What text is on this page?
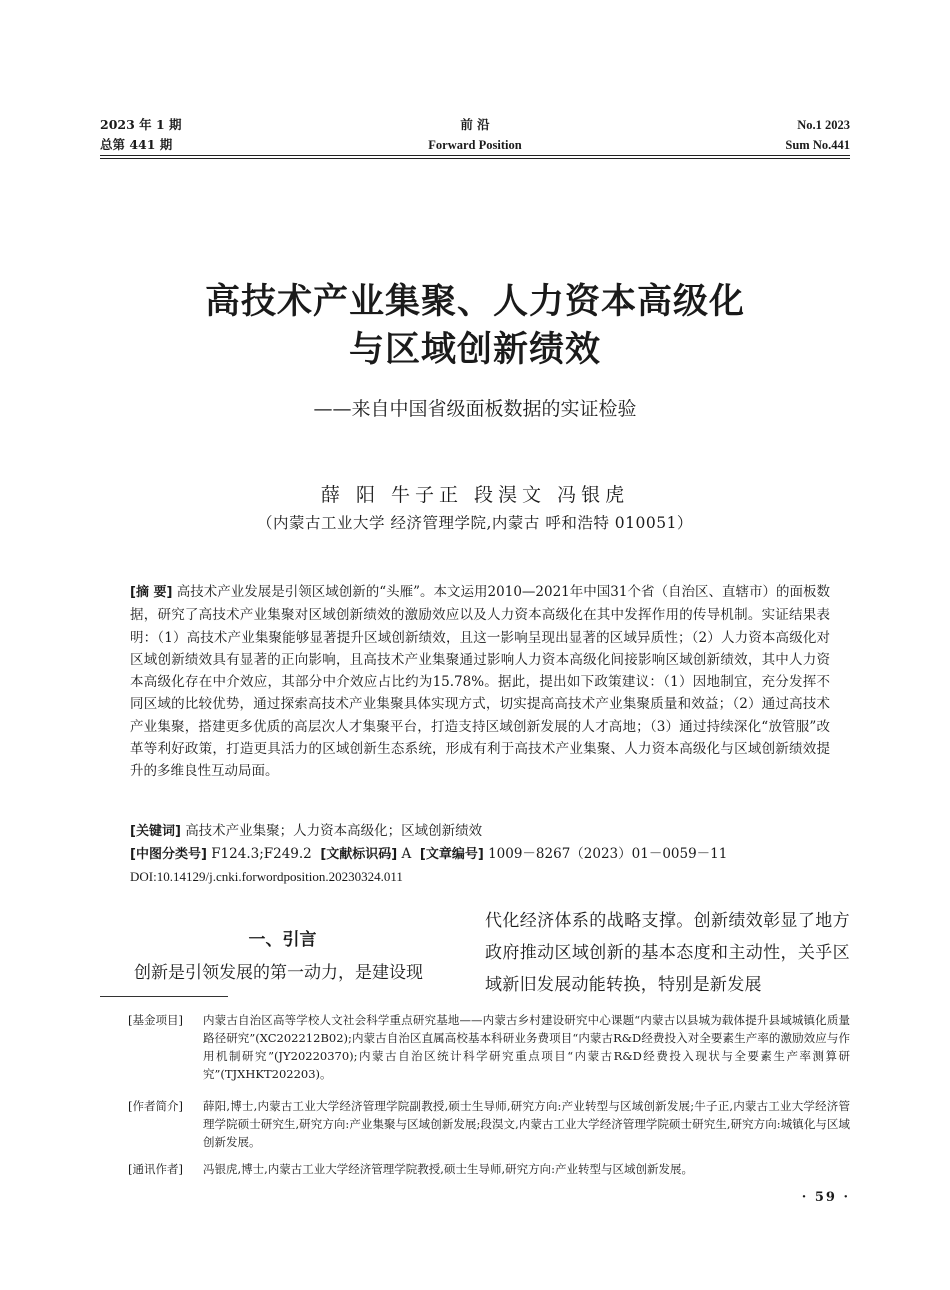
2023 年 1 期
总第 441 期
前 沿
Forward Position
No.1 2023
Sum No.441
高技术产业集聚、人力资本高级化
与区域创新绩效
——来自中国省级面板数据的实证检验
薛 阳 牛子正 段淏文 冯银虎
（内蒙古工业大学 经济管理学院,内蒙古 呼和浩特 010051）
[摘 要] 高技术产业发展是引领区域创新的“头雁”。本文运用2010—2021年中国31个省（自治区、直辖市）的面板数据，研究了高技术产业集聚对区域创新绩效的激励效应以及人力资本高级化在其中发挥作用的传导机制。实证结果表明：（1）高技术产业集聚能够显著提升区域创新绩效，且这一影响呈现出显著的区域异质性；（2）人力资本高级化对区域创新绩效具有显著的正向影响，且高技术产业集聚通过影响人力资本高级化间接影响区域创新绩效，其中人力资本高级化存在中介效应，其部分中介效应占比约为15.78%。据此，提出如下政策建议：（1）因地制宜，充分发挥不同区域的比较优势，通过探索高技术产业集聚具体实现方式，切实提高高技术产业集聚质量和效益；（2）通过高技术产业集聚，搭建更多优质的高层次人才集聚平台，打造支持区域创新发展的人才高地；（3）通过持续深化“放管服”改革等利好政策，打造更具活力的区域创新生态系统，形成有利于高技术产业集聚、人力资本高级化与区域创新绩效提升的多维良性互动局面。
[关键词] 高技术产业集聚；人力资本高级化；区域创新绩效
[中图分类号] F124.3;F249.2 [文献标识码] A [文章编号] 1009－8267（2023）01－0059－11
DOI:10.14129/j.cnki.forwordposition.20230324.011
一、引言
创新是引领发展的第一动力，是建设现
代化经济体系的战略支撑。创新绩效彰显了地方政府推动区域创新的基本态度和主动性，关乎区域新旧发展动能转换，特别是新发展
[基金项目] 内蒙古自治区高等学校人文社会科学重点研究基地——内蒙古乡村建设研究中心课题“内蒙古以县城为载体提升县域城镇化质量路径研究”(XC202212B02);内蒙古自治区直属高校基本科研业务费项目“内蒙古R&D经费投入对全要素生产率的激励效应与作用机制研究”(JY20220370);内蒙古自治区统计科学研究重点项目“内蒙古R&D经费投入现状与全要素生产率测算研究”(TJXHKT202203)。
[作者简介] 薛阳,博士,内蒙古工业大学经济管理学院副教授,硕士生导师,研究方向:产业转型与区域创新发展;牛子正,内蒙古工业大学经济管理学院硕士研究生,研究方向:产业集聚与区域创新发展;段淏文,内蒙古工业大学经济管理学院硕士研究生,研究方向:城镇化与区域创新发展。
[通讯作者] 冯银虎,博士,内蒙古工业大学经济管理学院教授,硕士生导师,研究方向:产业转型与区域创新发展。
· 59 ·
